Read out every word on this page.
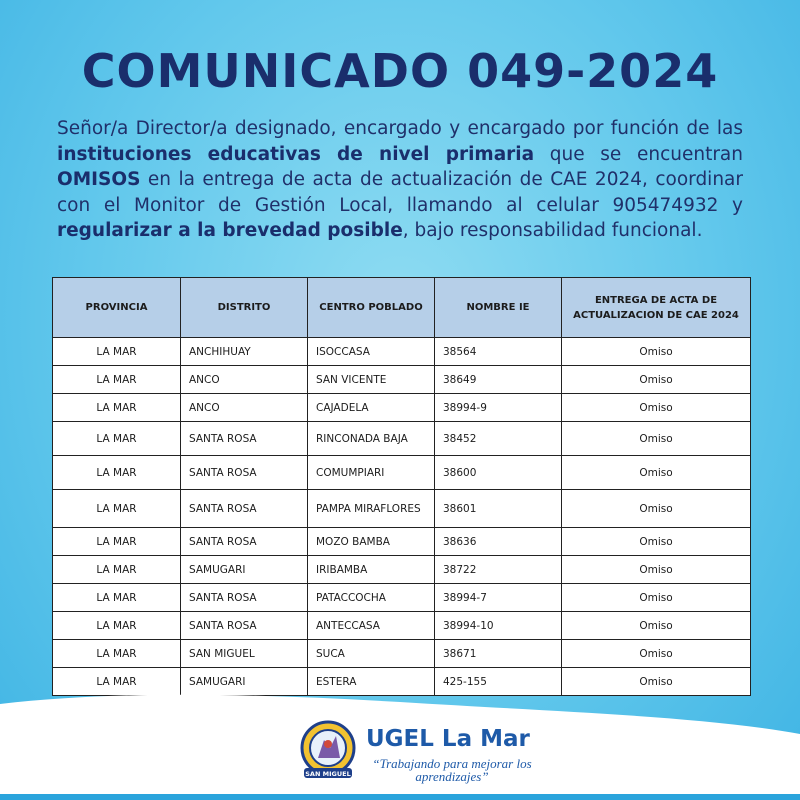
COMUNICADO 049-2024

Señor/a Director/a designado, encargado y encargado por función de las instituciones educativas de nivel primaria que se encuentran OMISOS en la entrega de acta de actualización de CAE 2024, coordinar con el Monitor de Gestión Local, llamando al celular 905474932 y regularizar a la brevedad posible, bajo responsabilidad funcional.

PROVINCIA	DISTRITO	CENTRO POBLADO	NOMBRE IE	ENTREGA DE ACTA DE
ACTUALIZACION DE CAE 2024
LA MAR	ANCHIHUAY	ISOCCASA	38564	Omiso
LA MAR	ANCO	SAN VICENTE	38649	Omiso
LA MAR	ANCO	CAJADELA	38994-9	Omiso
LA MAR	SANTA ROSA	RINCONADA BAJA	38452	Omiso
LA MAR	SANTA ROSA	COMUMPIARI	38600	Omiso
LA MAR	SANTA ROSA	PAMPA MIRAFLORES	38601	Omiso
LA MAR	SANTA ROSA	MOZO BAMBA	38636	Omiso
LA MAR	SAMUGARI	IRIBAMBA	38722	Omiso
LA MAR	SANTA ROSA	PATACCOCHA	38994-7	Omiso
LA MAR	SANTA ROSA	ANTECCASA	38994-10	Omiso
LA MAR	SAN MIGUEL	SUCA	38671	Omiso
LA MAR	SAMUGARI	ESTERA	425-155	Omiso
SAN MIGUEL
UGEL La Mar
“Trabajando para mejorar los aprendizajes”
